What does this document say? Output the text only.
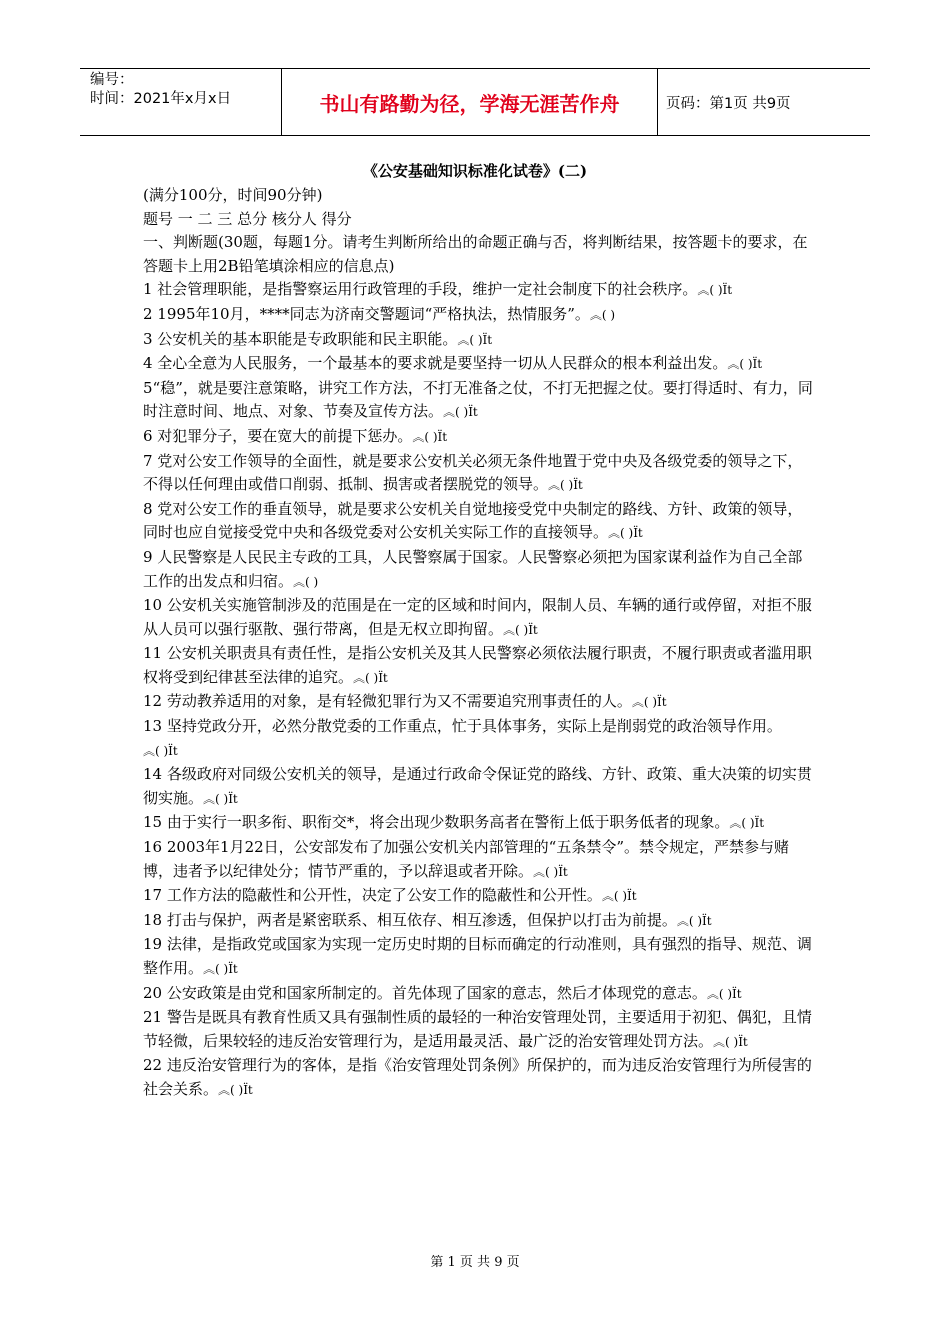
编号：
时间：2021年x月x日	书山有路勤为径，学海无涯苦作舟	页码：第1页 共9页
《公安基础知识标准化试卷》(二)

(满分100分，时间90分钟)

题号 一 二 三 总分 核分人 得分

一、判断题(30题，每题1分。请考生判断所给出的命题正确与否，将判断结果，按答题卡的要求，在答题卡上用2B铅笔填涂相应的信息点)

1 社会管理职能，是指警察运用行政管理的手段，维护一定社会制度下的社会秩序。︽( )Ϊt

2 1995年10月，****同志为济南交警题词“严格执法，热情服务”。︽( )

3 公安机关的基本职能是专政职能和民主职能。︽( )Ϊt

4 全心全意为人民服务，一个最基本的要求就是要坚持一切从人民群众的根本利益出发。︽( )Ϊt

5“稳”，就是要注意策略，讲究工作方法，不打无准备之仗，不打无把握之仗。要打得适时、有力，同时注意时间、地点、对象、节奏及宣传方法。︽( )Ϊt

6 对犯罪分子，要在宽大的前提下惩办。︽( )Ϊt

7 党对公安工作领导的全面性，就是要求公安机关必须无条件地置于党中央及各级党委的领导之下，不得以任何理由或借口削弱、抵制、损害或者摆脱党的领导。︽( )Ϊt

8 党对公安工作的垂直领导，就是要求公安机关自觉地接受党中央制定的路线、方针、政策的领导，同时也应自觉接受党中央和各级党委对公安机关实际工作的直接领导。︽( )Ϊt

9 人民警察是人民民主专政的工具，人民警察属于国家。人民警察必须把为国家谋利益作为自己全部工作的出发点和归宿。︽( )

10 公安机关实施管制涉及的范围是在一定的区域和时间内，限制人员、车辆的通行或停留，对拒不服从人员可以强行驱散、强行带离，但是无权立即拘留。︽( )Ϊt

11 公安机关职责具有责任性，是指公安机关及其人民警察必须依法履行职责，不履行职责或者滥用职权将受到纪律甚至法律的追究。︽( )Ϊt

12 劳动教养适用的对象，是有轻微犯罪行为又不需要追究刑事责任的人。︽( )Ϊt

13 坚持党政分开，必然分散党委的工作重点，忙于具体事务，实际上是削弱党的政治领导作用。︽( )Ϊt

14 各级政府对同级公安机关的领导，是通过行政命令保证党的路线、方针、政策、重大决策的切实贯彻实施。︽( )Ϊt

15 由于实行一职多衔、职衔交*，将会出现少数职务高者在警衔上低于职务低者的现象。︽( )Ϊt

16 2003年1月22日，公安部发布了加强公安机关内部管理的“五条禁令”。禁令规定，严禁参与赌博，违者予以纪律处分；情节严重的，予以辞退或者开除。︽( )Ϊt

17 工作方法的隐蔽性和公开性，决定了公安工作的隐蔽性和公开性。︽( )Ϊt

18 打击与保护，两者是紧密联系、相互依存、相互渗透，但保护以打击为前提。︽( )Ϊt

19 法律，是指政党或国家为实现一定历史时期的目标而确定的行动准则，具有强烈的指导、规范、调整作用。︽( )Ϊt

20 公安政策是由党和国家所制定的。首先体现了国家的意志，然后才体现党的意志。︽( )Ϊt

21 警告是既具有教育性质又具有强制性质的最轻的一种治安管理处罚，主要适用于初犯、偶犯，且情节轻微，后果较轻的违反治安管理行为，是适用最灵活、最广泛的治安管理处罚方法。︽( )Ϊt

22 违反治安管理行为的客体，是指《治安管理处罚条例》所保护的，而为违反治安管理行为所侵害的社会关系。︽( )Ϊt

第 1 页 共 9 页
